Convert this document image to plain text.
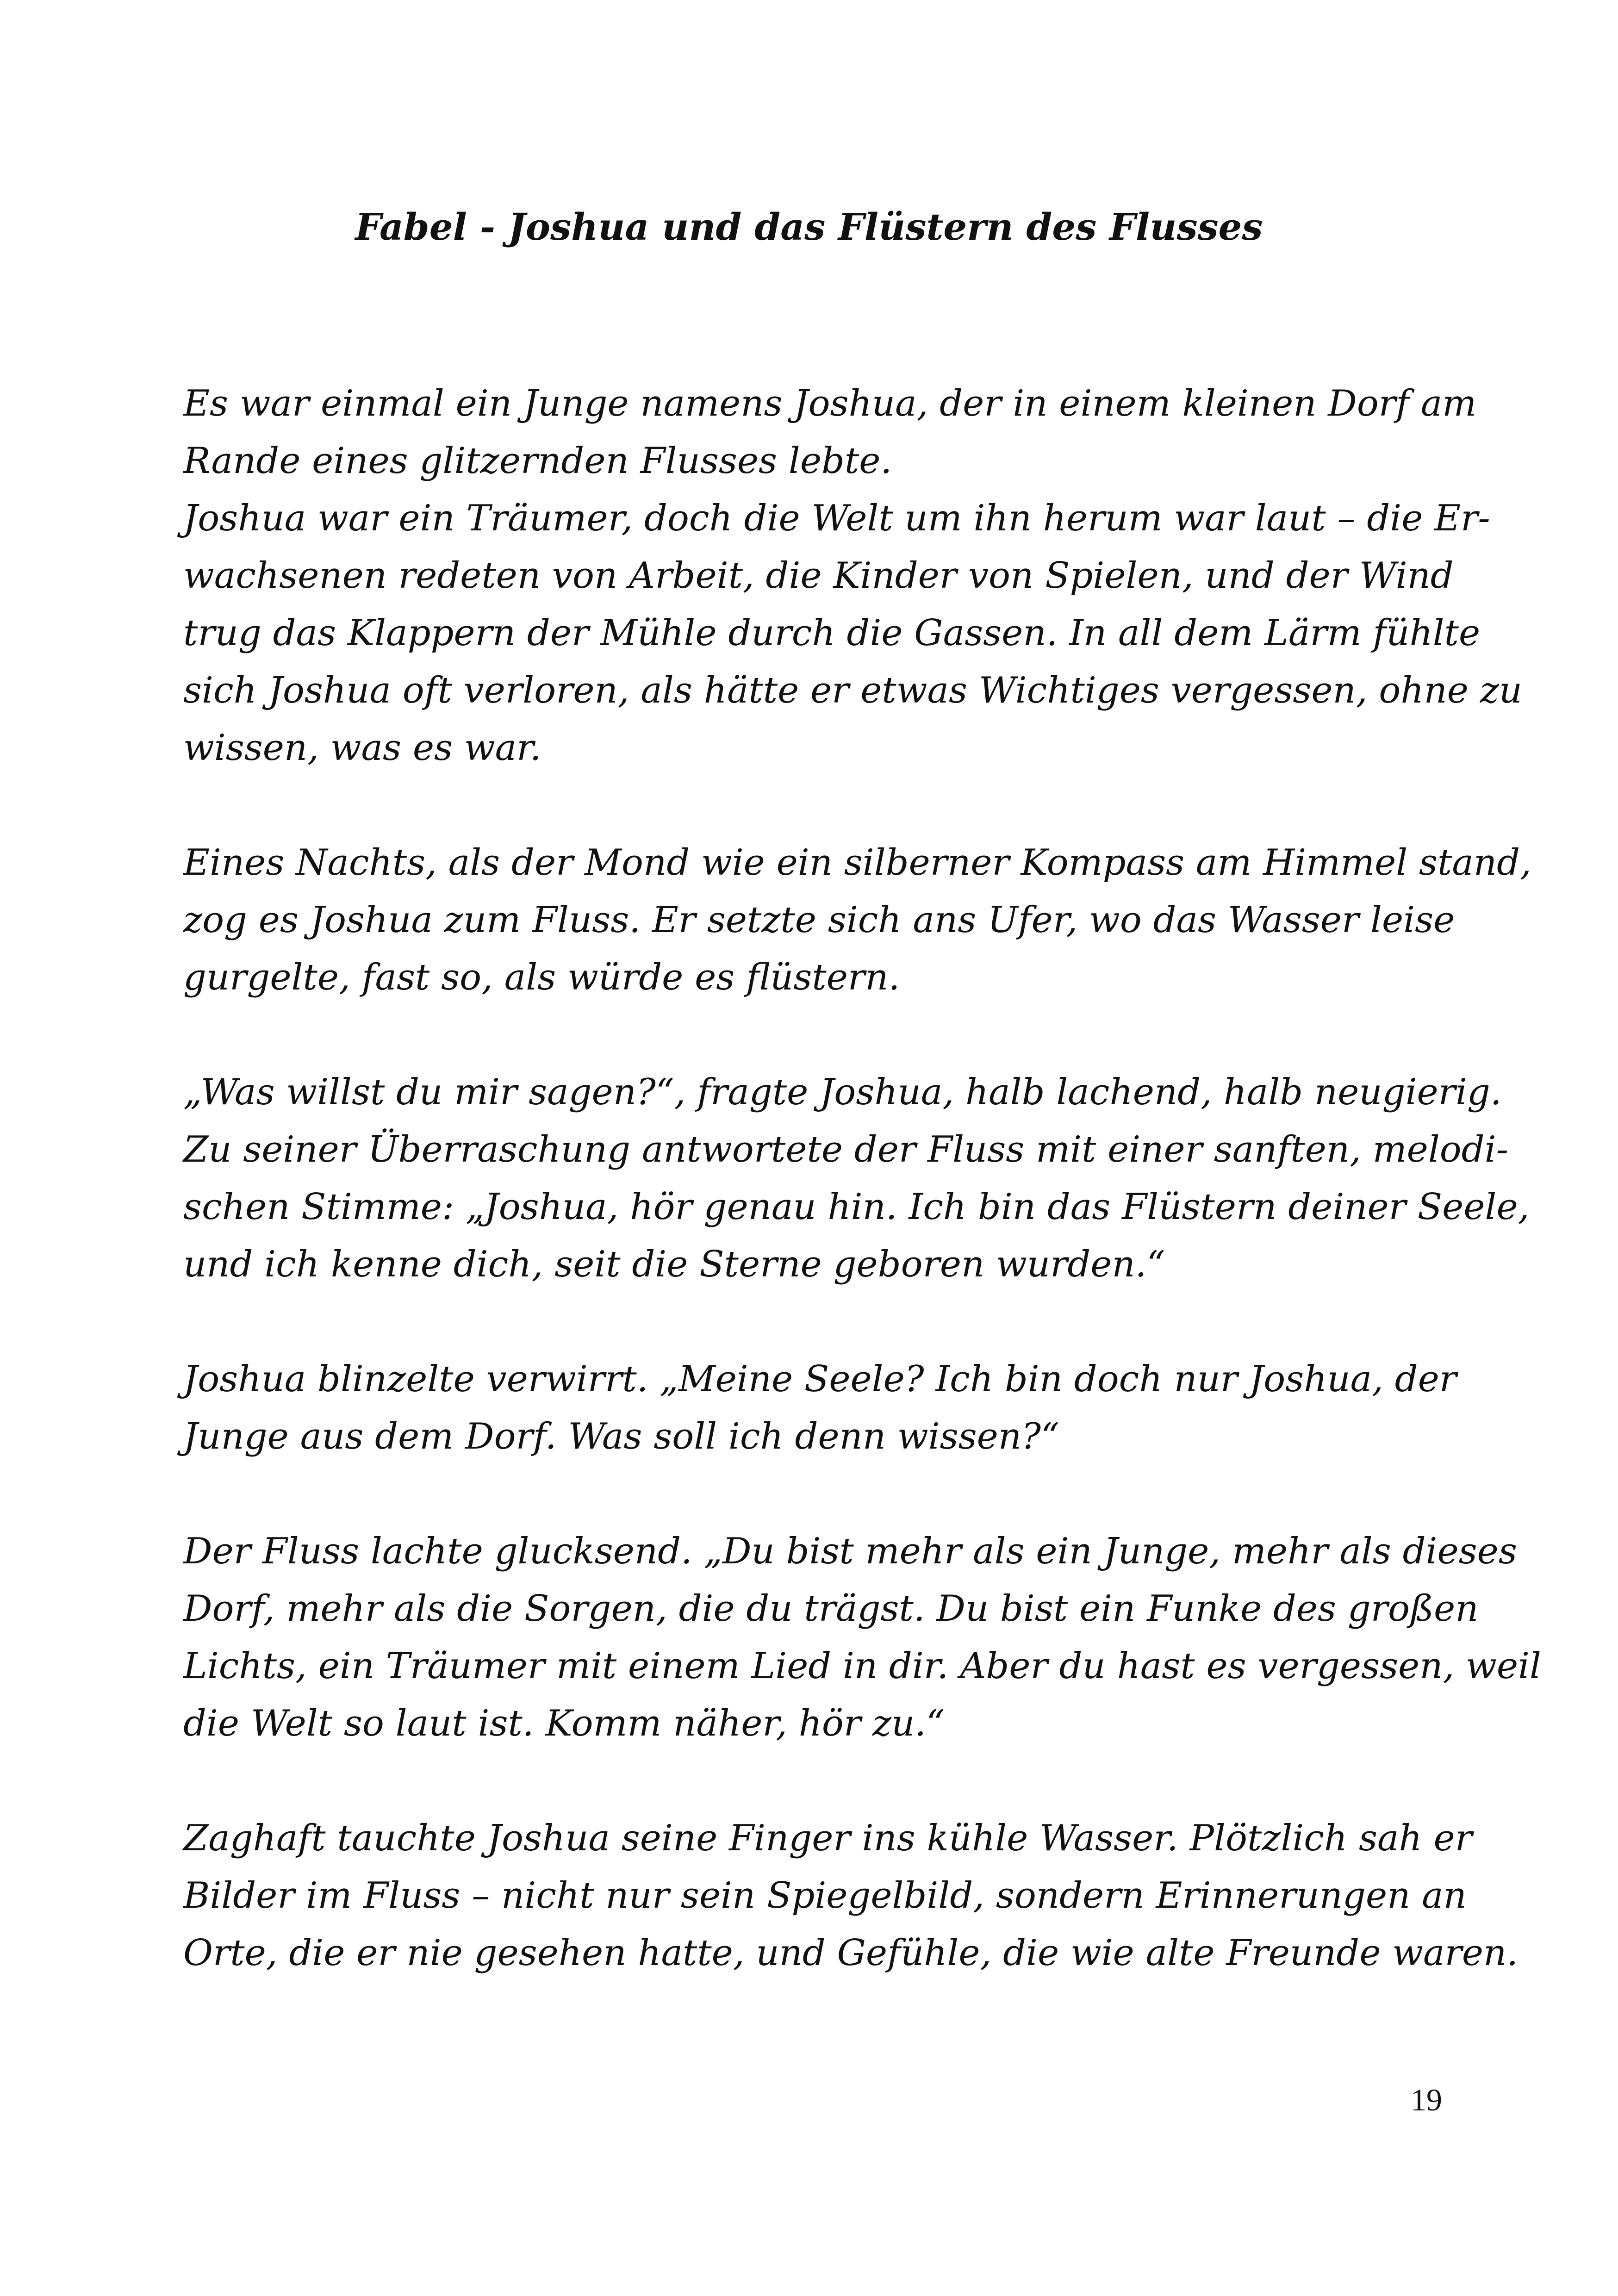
Fabel - Joshua und das Flüstern des Flusses

Es war einmal ein Junge namens Joshua, der in einem kleinen Dorf am
Rande eines glitzernden Flusses lebte.

Joshua war ein Träumer, doch die Welt um ihn herum war laut – die Er-
wachsenen redeten von Arbeit, die Kinder von Spielen, und der Wind
trug das Klappern der Mühle durch die Gassen. In all dem Lärm fühlte
sich Joshua oft verloren, als hätte er etwas Wichtiges vergessen, ohne zu
wissen, was es war.

Eines Nachts, als der Mond wie ein silberner Kompass am Himmel stand,
zog es Joshua zum Fluss. Er setzte sich ans Ufer, wo das Wasser leise
gurgelte, fast so, als würde es flüstern.

„Was willst du mir sagen?“, fragte Joshua, halb lachend, halb neugierig.
Zu seiner Überraschung antwortete der Fluss mit einer sanften, melodi-
schen Stimme: „Joshua, hör genau hin. Ich bin das Flüstern deiner Seele,
und ich kenne dich, seit die Sterne geboren wurden.“

Joshua blinzelte verwirrt. „Meine Seele? Ich bin doch nur Joshua, der
Junge aus dem Dorf. Was soll ich denn wissen?“

Der Fluss lachte glucksend. „Du bist mehr als ein Junge, mehr als dieses
Dorf, mehr als die Sorgen, die du trägst. Du bist ein Funke des großen
Lichts, ein Träumer mit einem Lied in dir. Aber du hast es vergessen, weil
die Welt so laut ist. Komm näher, hör zu.“

Zaghaft tauchte Joshua seine Finger ins kühle Wasser. Plötzlich sah er
Bilder im Fluss – nicht nur sein Spiegelbild, sondern Erinnerungen an
Orte, die er nie gesehen hatte, und Gefühle, die wie alte Freunde waren.

19
